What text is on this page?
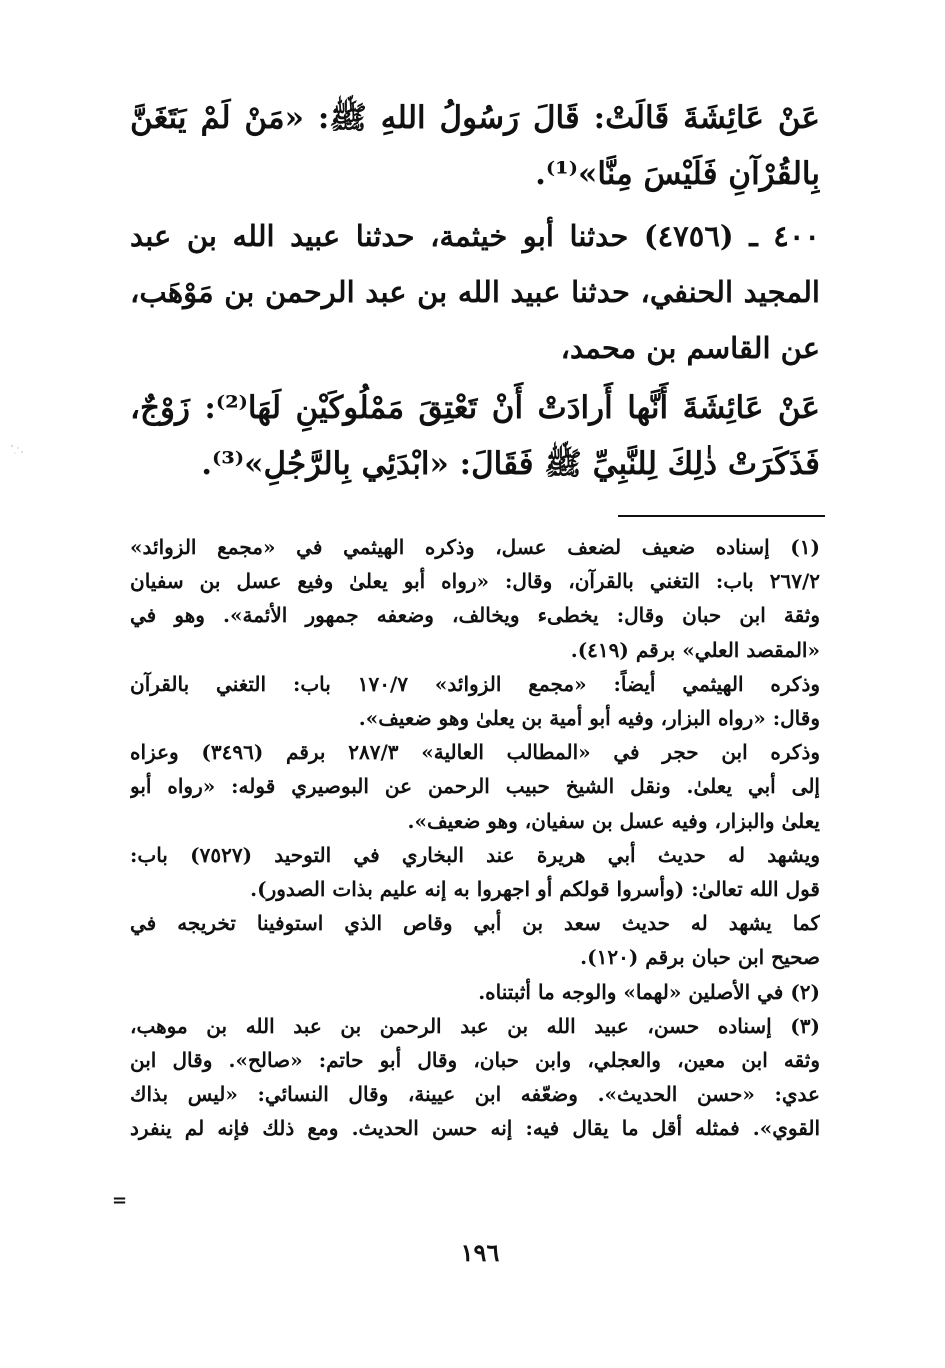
عَنْ عَائِشَةَ قَالَتْ: قَالَ رَسُولُ اللهِ ﷺ: «مَنْ لَمْ يَتَغَنَّ
بِالقُرْآنِ فَلَيْسَ مِنَّا»⁽¹⁾.
٤٠٠ ـ (٤٧٥٦) حدثنا أبو خيثمة، حدثنا عبيد الله بن عبد
المجيد الحنفي، حدثنا عبيد الله بن عبد الرحمن بن مَوْهَب،
عن القاسم بن محمد،
عَنْ عَائِشَةَ أَنَّها أَرادَتْ أَنْ تَعْتِقَ مَمْلُوكَيْنِ لَهَا⁽²⁾: زَوْجٌ،
فَذَكَرَتْ ذٰلِكَ لِلنَّبِيِّ ﷺ فَقَالَ: «ابْدَئِي بِالرَّجُلِ»⁽³⁾.
(١) إسناده ضعيف لضعف عسل، وذكره الهيثمي في «مجمع الزوائد»
٢٦٧/٢ باب: التغني بالقرآن، وقال: «رواه أبو يعلىٰ وفيع عسل بن سفيان
وثقة ابن حبان وقال: يخطىء ويخالف، وضعفه جمهور الأئمة». وهو في
«المقصد العلي» برقم (٤١٩).
وذكره الهيثمي أيضاً: «مجمع الزوائد» ١٧٠/٧ باب: التغني بالقرآن
وقال: «رواه البزار، وفيه أبو أمية بن يعلىٰ وهو ضعيف».
وذكره ابن حجر في «المطالب العالية» ٢٨٧/٣ برقم (٣٤٩٦) وعزاه
إلى أبي يعلىٰ. ونقل الشيخ حبيب الرحمن عن البوصيري قوله: «رواه أبو
يعلىٰ والبزار، وفيه عسل بن سفيان، وهو ضعيف».
ويشهد له حديث أبي هريرة عند البخاري في التوحيد (٧٥٢٧) باب:
قول الله تعالىٰ: (وأسروا قولكم أو اجهروا به إنه عليم بذات الصدور).
كما يشهد له حديث سعد بن أبي وقاص الذي استوفينا تخريجه في
صحيح ابن حبان برقم (١٢٠).
(٢) في الأصلين «لهما» والوجه ما أثبتناه.
(٣) إسناده حسن، عبيد الله بن عبد الرحمن بن عبد الله بن موهب،
وثقه ابن معين، والعجلي، وابن حبان، وقال أبو حاتم: «صالح». وقال ابن
عدي: «حسن الحديث». وضعّفه ابن عيينة، وقال النسائي: «ليس بذاك
القوي». فمثله أقل ما يقال فيه: إنه حسن الحديث. ومع ذلك فإنه لم ينفرد
=
١٩٦
